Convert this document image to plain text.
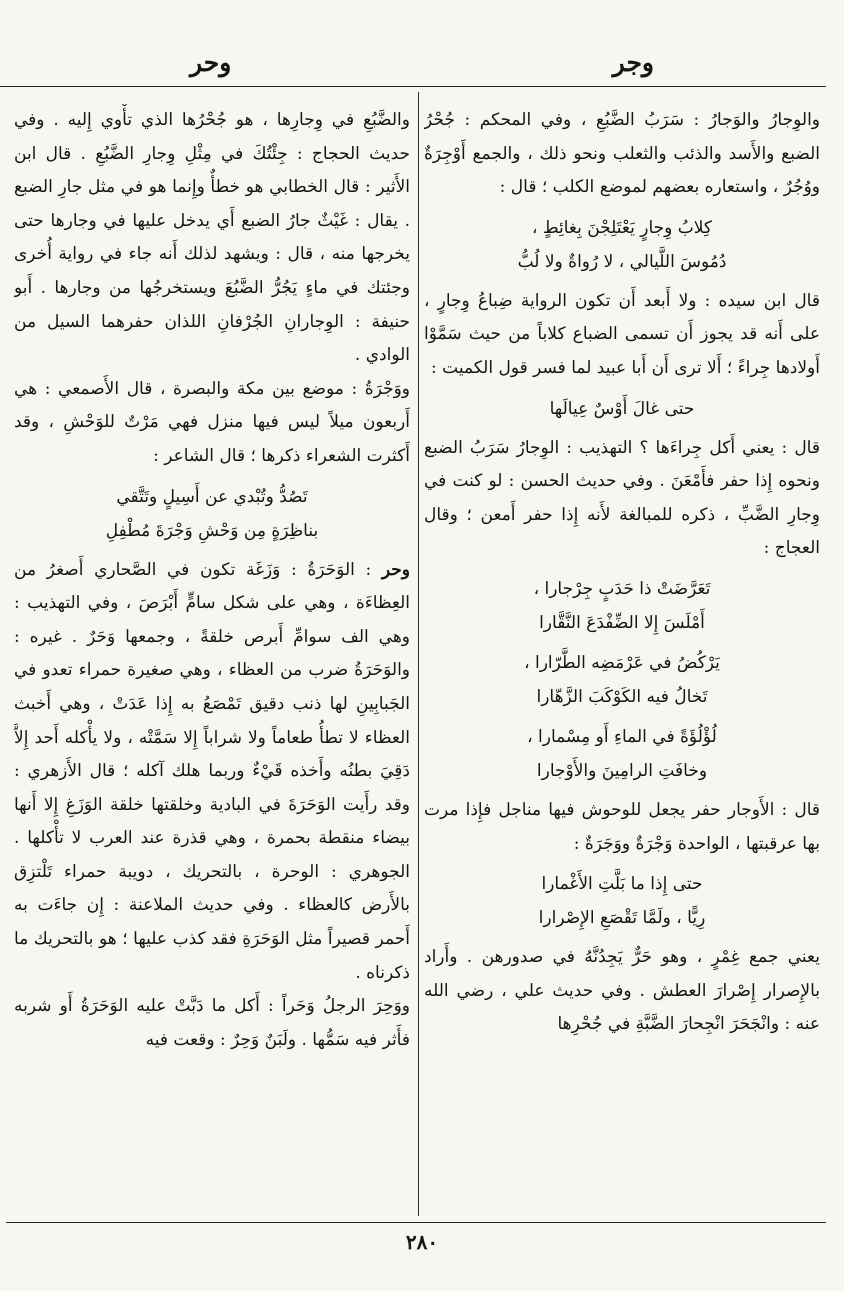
وجر
وحر

والوِجارُ والوَجارُ : سَرَبُ الضَّبُعِ ، وفي المحكم : جُحْرُ الضبع والأَسد والذئب والثعلب ونحو ذلك ، والجمع أَوْجِرَةٌ ووُجُرٌ ، واستعاره بعضهم لموضع الكلب ؛ قال :

كِلابُ وِجارٍ يَعْتَلِجْنَ بِغائِطٍ ،
دُمُوسَ اللَّيالي ، لا رُواةٌ ولا لُبُّ

قال ابن سيده : ولا أَبعد أَن تكون الرواية ضِباعُ وِجارٍ ، على أَنه قد يجوز أَن تسمى الضباع كلاباً من حيث سَمَّوْا أَولادها جِراءً ؛ أَلا ترى أَن أَبا عبيد لما فسر قول الكميت :

حتى غالَ أَوْسٌ عِيالَها

قال : يعني أَكل جِراءَها ؟ التهذيب : الوِجارُ سَرَبُ الضبع ونحوه إِذا حفر فأَمْعَنَ . وفي حديث الحسن : لو كنت في وِجارِ الضَّبِّ ، ذكره للمبالغة لأَنه إِذا حفر أَمعن ؛ وقال العجاج :

تَعَرَّضَتْ ذا حَدَبٍ جِرْجارا ،
أَمْلَسَ إِلا الضِّفْدَعَ النَّقَّارا
يَرْكُضُ في عَرْمَضِه الطَّرّارا ،
تَخالُ فيه الكَوْكَبَ الزَّهّارا
لُؤْلُؤَةً في الماءِ أَو مِسْمارا ،
وخافَتِ الرامِينَ والأَوْجارا

قال : الأَوجار حفر يجعل للوحوش فيها مناجل فإِذا مرت بها عرقبتها ، الواحدة وَجْرَةٌ ووَجَرَةٌ :

حتى إِذا ما بَلَّتِ الأَغْمارا
رِيًّا ، ولَمَّا تَقْصَعِ الإِصْرارا

يعني جمع غِمْرٍ ، وهو حَرٌّ يَجِدُنَّهُ في صدورهن . وأَراد بالإِصرار إِصْرارَ العطش . وفي حديث علي ، رضي الله عنه : وانْجَحَرَ انْجِحارَ الضَّبَّةِ في جُحْرِها

والضَّبُعِ في وِجارِها ، هو جُحْرُها الذي تأْوي إِليه . وفي حديث الحجاج : جِئْتُكَ في مِثْلِ وِجارِ الضَّبُعِ . قال ابن الأَثير : قال الخطابي هو خطأٌ وإِنما هو في مثل جارِ الضبع . يقال : غَيْثٌ جارُ الضبع أَي يدخل عليها في وجارها حتى يخرجها منه ، قال : ويشهد لذلك أَنه جاء في رواية أُخرى وجئتك في ماءٍ يَجُرُّ الضَّبُعَ ويستخرجُها من وجارها . أَبو حنيفة : الوِجارانِ الجُرْفانِ اللذان حفرهما السيل من الوادي .

ووَجْرَةُ : موضع بين مكة والبصرة ، قال الأَصمعي : هي أَربعون ميلاً ليس فيها منزل فهي مَرْتٌ للوَحْشِ ، وقد أَكثرت الشعراء ذكرها ؛ قال الشاعر :

تَصُدُّ وتُبْدي عن أَسِيلٍ وتَتَّقي
بناظِرَةٍ مِن وَحْشِ وَجْرَةَ مُطْفِلِ

وحر : الوَحَرَةُ : وَزَغَة تكون في الصَّحاري أَصغرُ من العِظاءَة ، وهي على شكل سامٍّ أَبْرَصَ ، وفي التهذيب : وهي الف سوامِّ أَبرص خلقةً ، وجمعها وَحَرٌ . غيره : والوَحَرَةُ ضرب من العظاء ، وهي صغيرة حمراء تعدو في الجَبابِينِ لها ذنب دقيق تَمْصَعُ به إِذا عَدَتْ ، وهي أَخبث العظاء لا تطأُ طعاماً ولا شراباً إِلا سَمَّتْه ، ولا يأْكله أَحد إِلاَّ دَقِيَ بطنُه وأَخذه قَيْءٌ وربما هلك آكله ؛ قال الأَزهري : وقد رأَيت الوَحَرَةَ في البادية وخلقتها خلقة الوَزَغِ إِلا أَنها بيضاء منقطة بحمرة ، وهي قذرة عند العرب لا تأْكلها . الجوهري : الوحرة ، بالتحريك ، دويبة حمراء تَلْتزِق بالأَرض كالعظاء . وفي حديث الملاعنة : إِن جاءَت به أَحمر قصيراً مثل الوَحَرَةِ فقد كذب عليها ؛ هو بالتحريك ما ذكرناه .

ووَحِرَ الرجلُ وَحَراً : أَكل ما دَبَّتْ عليه الوَحَرَةُ أَو شربه فأَثر فيه سَمُّها . ولَبَنٌ وَحِرٌ : وقعت فيه

٢٨٠
